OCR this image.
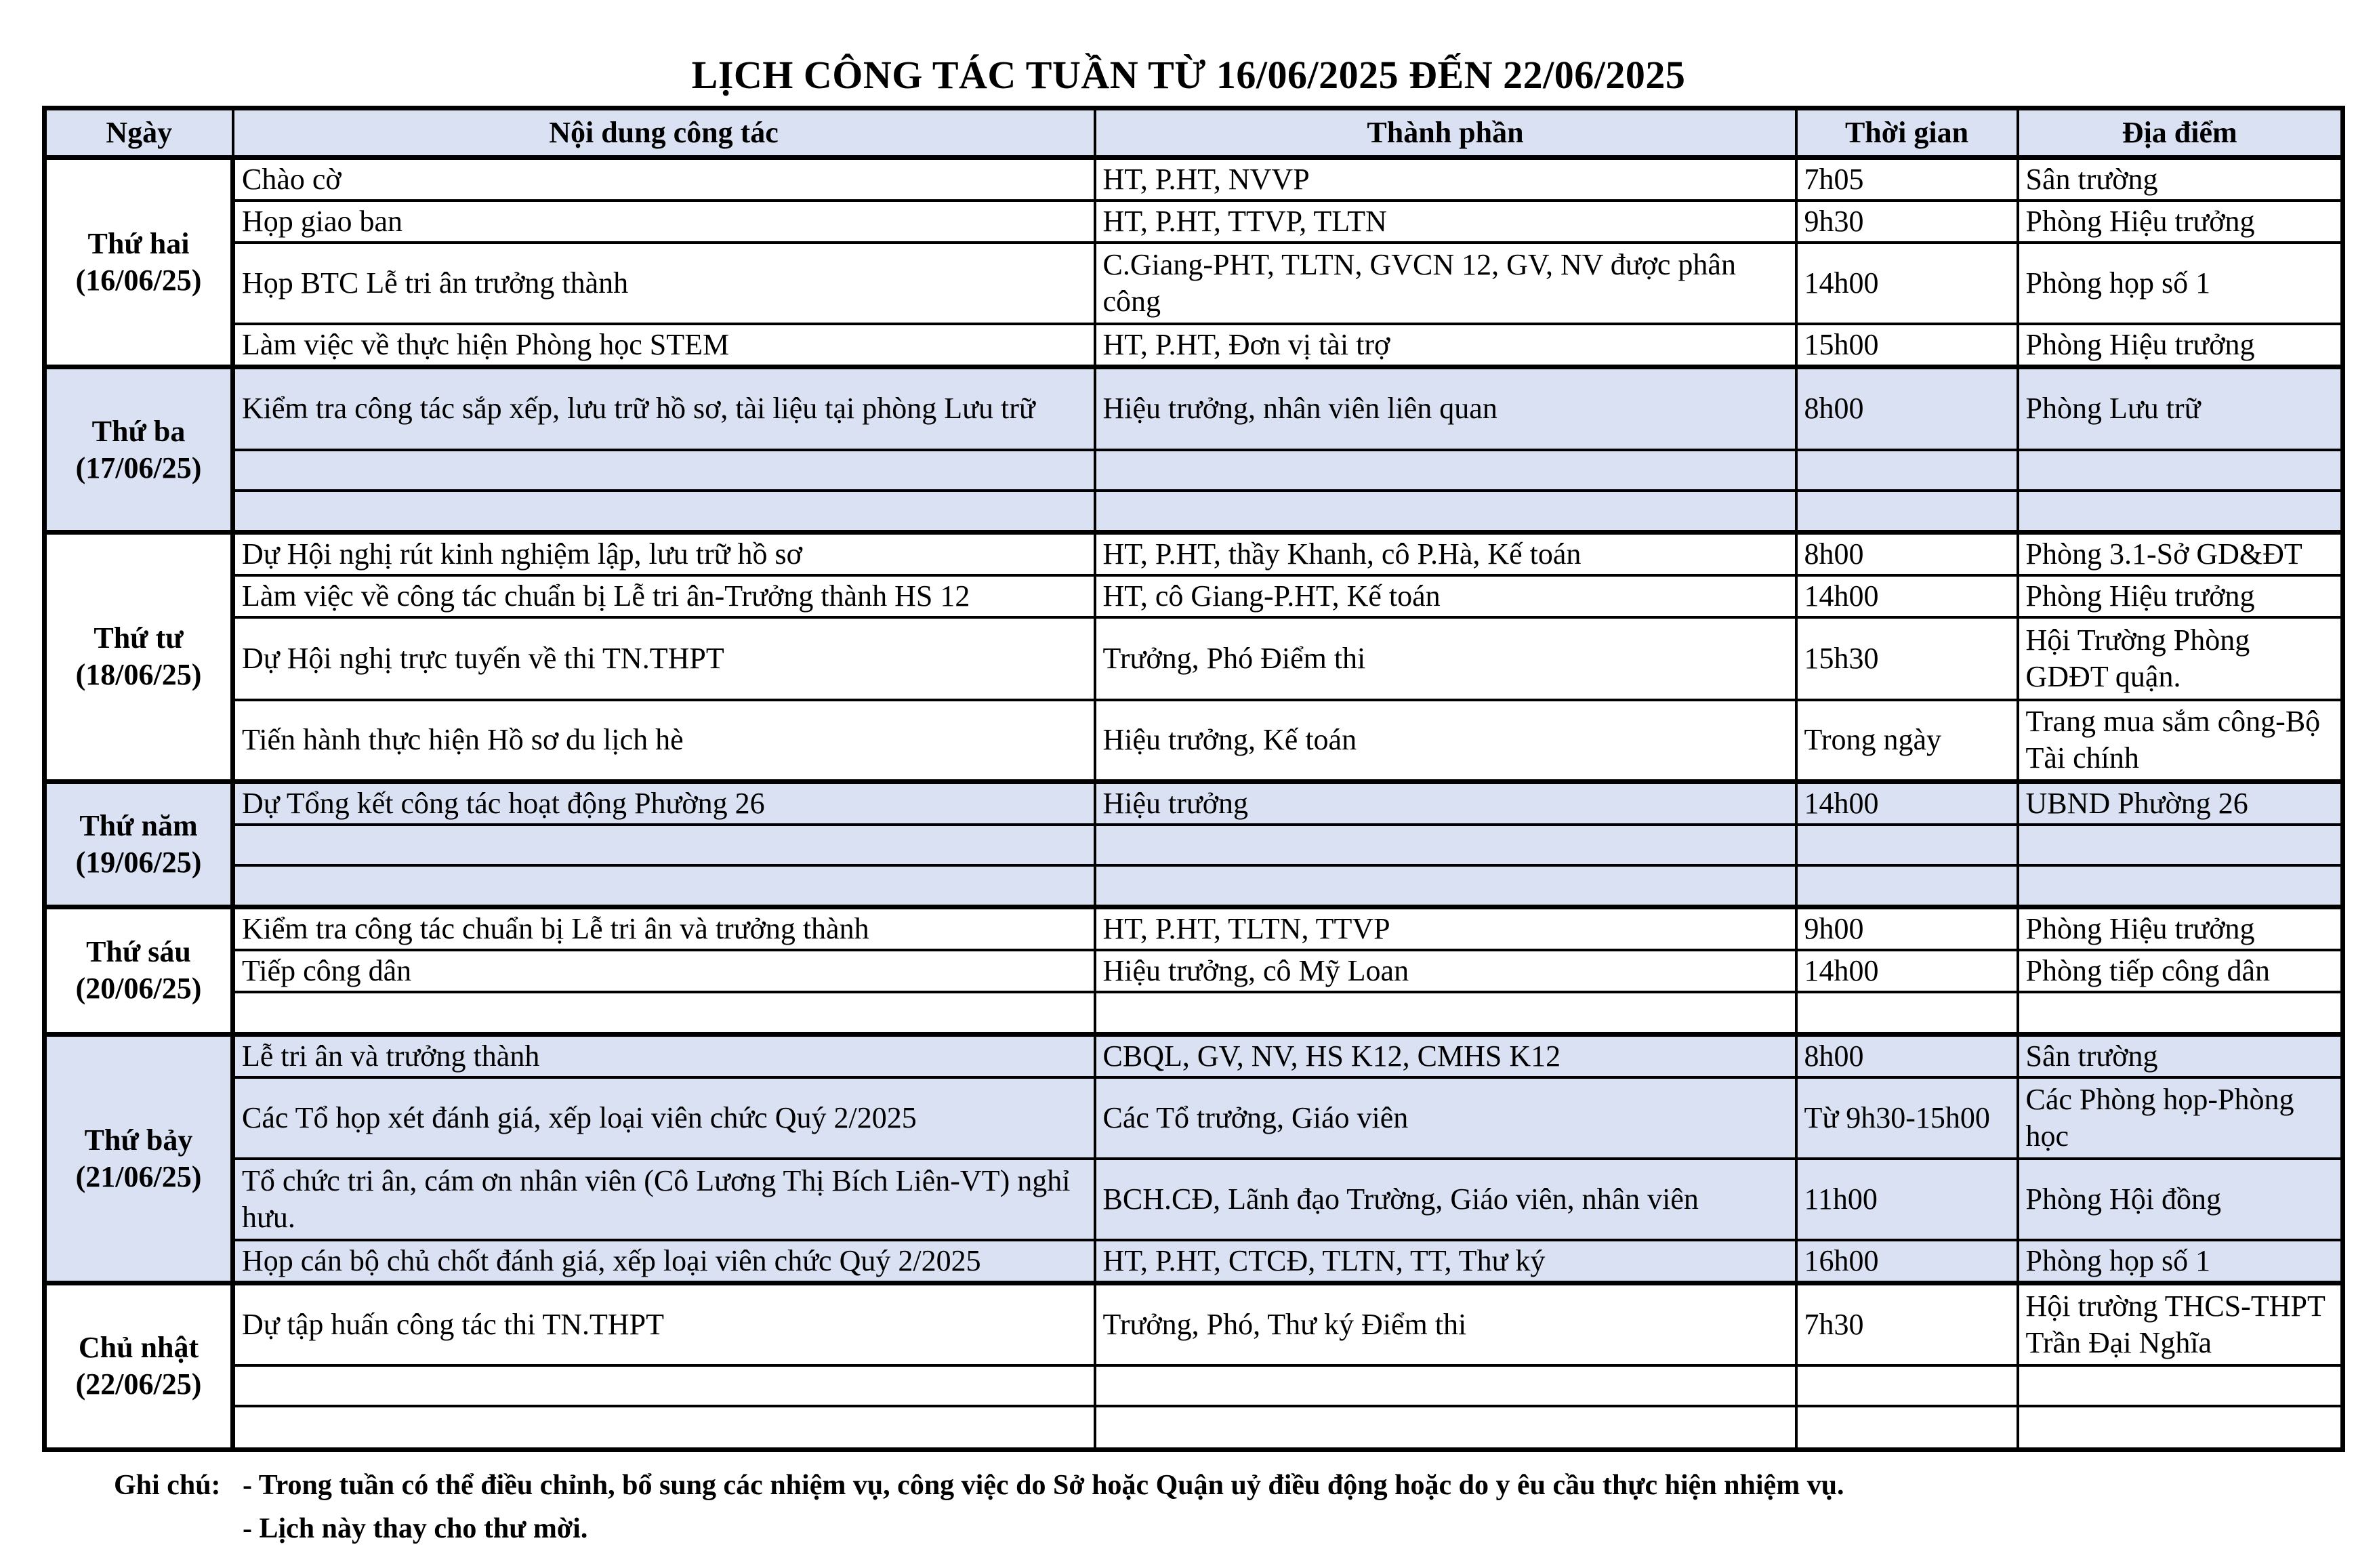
LỊCH CÔNG TÁC TUẦN TỪ 16/06/2025 ĐẾN 22/06/2025
Ngày	Nội dung công tác	Thành phần	Thời gian	Địa điểm

Thứ hai
(16/06/25)	Chào cờ	HT, P.HT, NVVP	7h05	Sân trường
	Họp giao ban	HT, P.HT, TTVP, TLTN	9h30	Phòng Hiệu trưởng
	Họp BTC Lễ tri ân trưởng thành	C.Giang-PHT, TLTN, GVCN 12, GV, NV được phân công	14h00	Phòng họp số 1
	Làm việc về thực hiện Phòng học STEM	HT, P.HT, Đơn vị tài trợ	15h00	Phòng Hiệu trưởng

Thứ ba
(17/06/25)	Kiểm tra công tác sắp xếp, lưu trữ hồ sơ, tài liệu tại phòng Lưu trữ	Hiệu trưởng, nhân viên liên quan	8h00	Phòng Lưu trữ

Thứ tư
(18/06/25)	Dự Hội nghị rút kinh nghiệm lập, lưu trữ hồ sơ	HT, P.HT, thầy Khanh, cô P.Hà, Kế toán	8h00	Phòng 3.1-Sở GD&ĐT
	Làm việc về công tác chuẩn bị Lễ tri ân-Trưởng thành HS 12	HT, cô Giang-P.HT, Kế toán	14h00	Phòng Hiệu trưởng
	Dự Hội nghị trực tuyến về thi TN.THPT	Trưởng, Phó Điểm thi	15h30	Hội Trường Phòng GDĐT quận.
	Tiến hành thực hiện Hồ sơ du lịch hè	Hiệu trưởng, Kế toán	Trong ngày	Trang mua sắm công-Bộ Tài chính

Thứ năm
(19/06/25)	Dự Tổng kết công tác hoạt động Phường 26	Hiệu trưởng	14h00	UBND Phường 26

Thứ sáu
(20/06/25)	Kiểm tra công tác chuẩn bị Lễ tri ân và trưởng thành	HT, P.HT, TLTN, TTVP	9h00	Phòng Hiệu trưởng
	Tiếp công dân	Hiệu trưởng, cô Mỹ Loan	14h00	Phòng tiếp công dân

Thứ bảy
(21/06/25)	Lễ tri ân và trưởng thành	CBQL, GV, NV, HS K12, CMHS K12	8h00	Sân trường
	Các Tổ họp xét đánh giá, xếp loại viên chức Quý 2/2025	Các Tổ trưởng, Giáo viên	Từ 9h30-15h00	Các Phòng họp-Phòng học
	Tổ chức tri ân, cám ơn nhân viên (Cô Lương Thị Bích Liên-VT) nghỉ hưu.	BCH.CĐ, Lãnh đạo Trường, Giáo viên, nhân viên	11h00	Phòng Hội đồng
	Họp cán bộ chủ chốt đánh giá, xếp loại viên chức Quý 2/2025	HT, P.HT, CTCĐ, TLTN, TT, Thư ký	16h00	Phòng họp số 1

Chủ nhật
(22/06/25)	Dự tập huấn công tác thi TN.THPT	Trưởng, Phó, Thư ký Điểm thi	7h30	Hội trường THCS-THPT Trần Đại Nghĩa

Ghi chú: - Trong tuần có thể điều chỉnh, bổ sung các nhiệm vụ, công việc do Sở hoặc Quận uỷ điều động hoặc do y êu cầu thực hiện nhiệm vụ.
- Lịch này thay cho thư mời.
